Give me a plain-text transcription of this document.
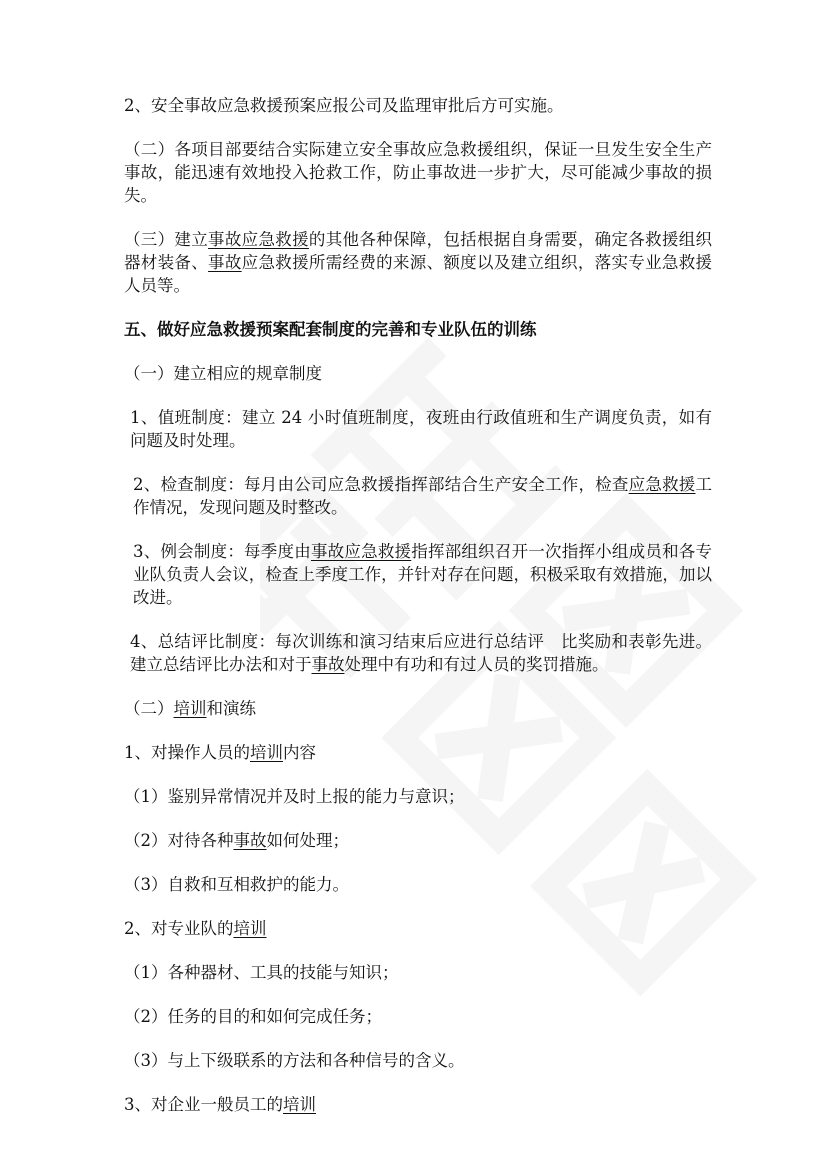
2、安全事故应急救援预案应报公司及监理审批后方可实施。

（二）各项目部要结合实际建立安全事故应急救援组织，保证一旦发生安全生产事故，能迅速有效地投入抢救工作，防止事故进一步扩大，尽可能减少事故的损失。

（三）建立事故应急救援的其他各种保障，包括根据自身需要，确定各救援组织器材装备、事故应急救援所需经费的来源、额度以及建立组织，落实专业急救援人员等。

五、做好应急救援预案配套制度的完善和专业队伍的训练

（一）建立相应的规章制度

1、值班制度：建立 24 小时值班制度，夜班由行政值班和生产调度负责，如有问题及时处理。

2、检查制度：每月由公司应急救援指挥部结合生产安全工作，检查应急救援工作情况，发现问题及时整改。

3、例会制度：每季度由事故应急救援指挥部组织召开一次指挥小组成员和各专业队负责人会议，检查上季度工作，并针对存在问题，积极采取有效措施，加以改进。

4、总结评比制度：每次训练和演习结束后应进行总结评　比奖励和表彰先进。建立总结评比办法和对于事故处理中有功和有过人员的奖罚措施。

（二）培训和演练

1、对操作人员的培训内容

（1）鉴别异常情况并及时上报的能力与意识；

（2）对待各种事故如何处理；

（3）自救和互相救护的能力。

2、对专业队的培训

（1）各种器材、工具的技能与知识；

（2）任务的目的和如何完成任务；

（3）与上下级联系的方法和各种信号的含义。

3、对企业一般员工的培训
